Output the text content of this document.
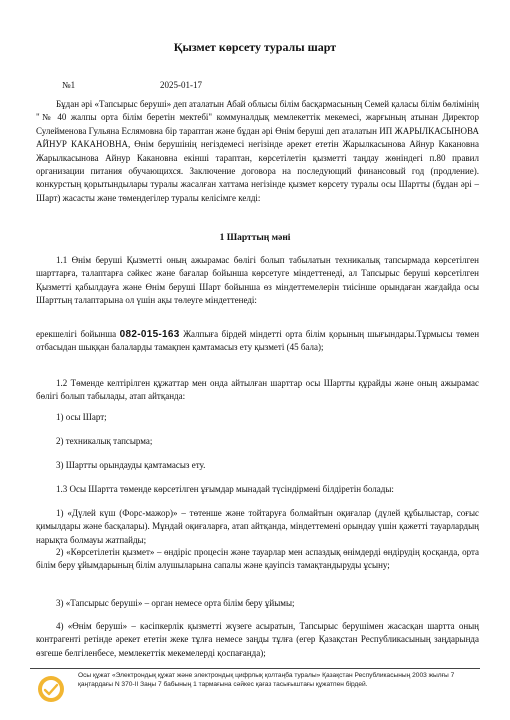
Қызмет көрсету туралы шарт
№1	2025-01-17

Бұдан әрі «Тапсырыс беруші» деп аталатын Абай облысы білім басқармасының Семей қаласы білім бөлімінің "№ 40 жалпы орта білім беретін мектебі" коммуналдық мемлекеттік мекемесі, жарғының атынан Директор Сулейменова Гульяна Еслямовна бір тараптан және бұдан әрі Өнім беруші деп аталатын ИП ЖАРЫЛКАСЫНОВА АЙНУР КАКАНОВНА, Өнім берушінің негіздемесі негізінде әрекет ететін Жарылкасынова Айнур Какановна Жарылкасынова Айнур Какановна екінші тараптан, көрсетілетін қызметті таңдау жөніндегі п.80 правил организации питания обучающихся. Заключение договора на последующий финансовый год (продление). конкурстың қорытындылары туралы жасалған хаттама негізінде қызмет көрсету туралы осы Шартты (бұдан әрі – Шарт) жасасты және төмендегілер туралы келісімге келді:

1 Шарттың мәні

1.1 Өнім беруші Қызметті оның ажырамас бөлігі болып табылатын техникалық тапсырмада көрсетілген шарттарға, талаптарға сәйкес және бағалар бойынша көрсетуге міндеттенеді, ал Тапсырыс беруші көрсетілген Қызметті қабылдауға және Өнім беруші Шарт бойынша өз міндеттемелерін тиісінше орындаған жағдайда осы Шарттың талаптарына ол үшін ақы төлеуге міндеттенеді:

ерекшелігі бойынша 082-015-163 Жалпыға бірдей міндетті орта білім қорының шығындары.Тұрмысы төмен отбасыдан шыққан балаларды тамақпен қамтамасыз ету қызметі (45 бала);

1.2 Төменде келтірілген құжаттар мен онда айтылған шарттар осы Шартты құрайды және оның ажырамас бөлігі болып табылады, атап айтқанда:

1) осы Шарт;

2) техникалық тапсырма;

3) Шартты орындауды қамтамасыз ету.

1.3 Осы Шартта төменде көрсетілген ұғымдар мынадай түсіндірмені білдіретін болады:

1) «Дүлей күш (Форс-мажор)» – төтенше және тойтаруға болмайтын оқиғалар (дүлей құбылыстар, соғыс қимылдары және басқалары). Мұндай оқиғаларға, атап айтқанда, міндеттемені орындау үшін қажетті тауарлардың нарықта болмауы жатпайды;

2) «Көрсетілетін қызмет» – өндіріс процесін және тауарлар мен аспаздық өнімдерді өндірудің қосқанда, орта білім беру ұйымдарының білім алушыларына сапалы және қауіпсіз тамақтандыруды ұсыну;

3) «Тапсырыс беруші» – орган немесе орта білім беру ұйымы;

4) «Өнім беруші» – кәсіпкерлік қызметті жүзеге асыратын, Тапсырыс берушімен жасасқан шартта оның контрагенті ретінде әрекет ететін жеке тұлға немесе заңды тұлға (егер Қазақстан Республикасының заңдарында өзгеше белгіленбесе, мемлекеттік мекемелерді қоспағанда);

Осы құжат «Электрондық құжат және электрондық цифрлық қолтаңба туралы» Қазақстан Республикасының 2003 жылғы 7 қаңтардағы N 370-II Заңы 7 бабының 1 тармағына сәйкес қағаз тасығыштағы құжатпен бірдей.
